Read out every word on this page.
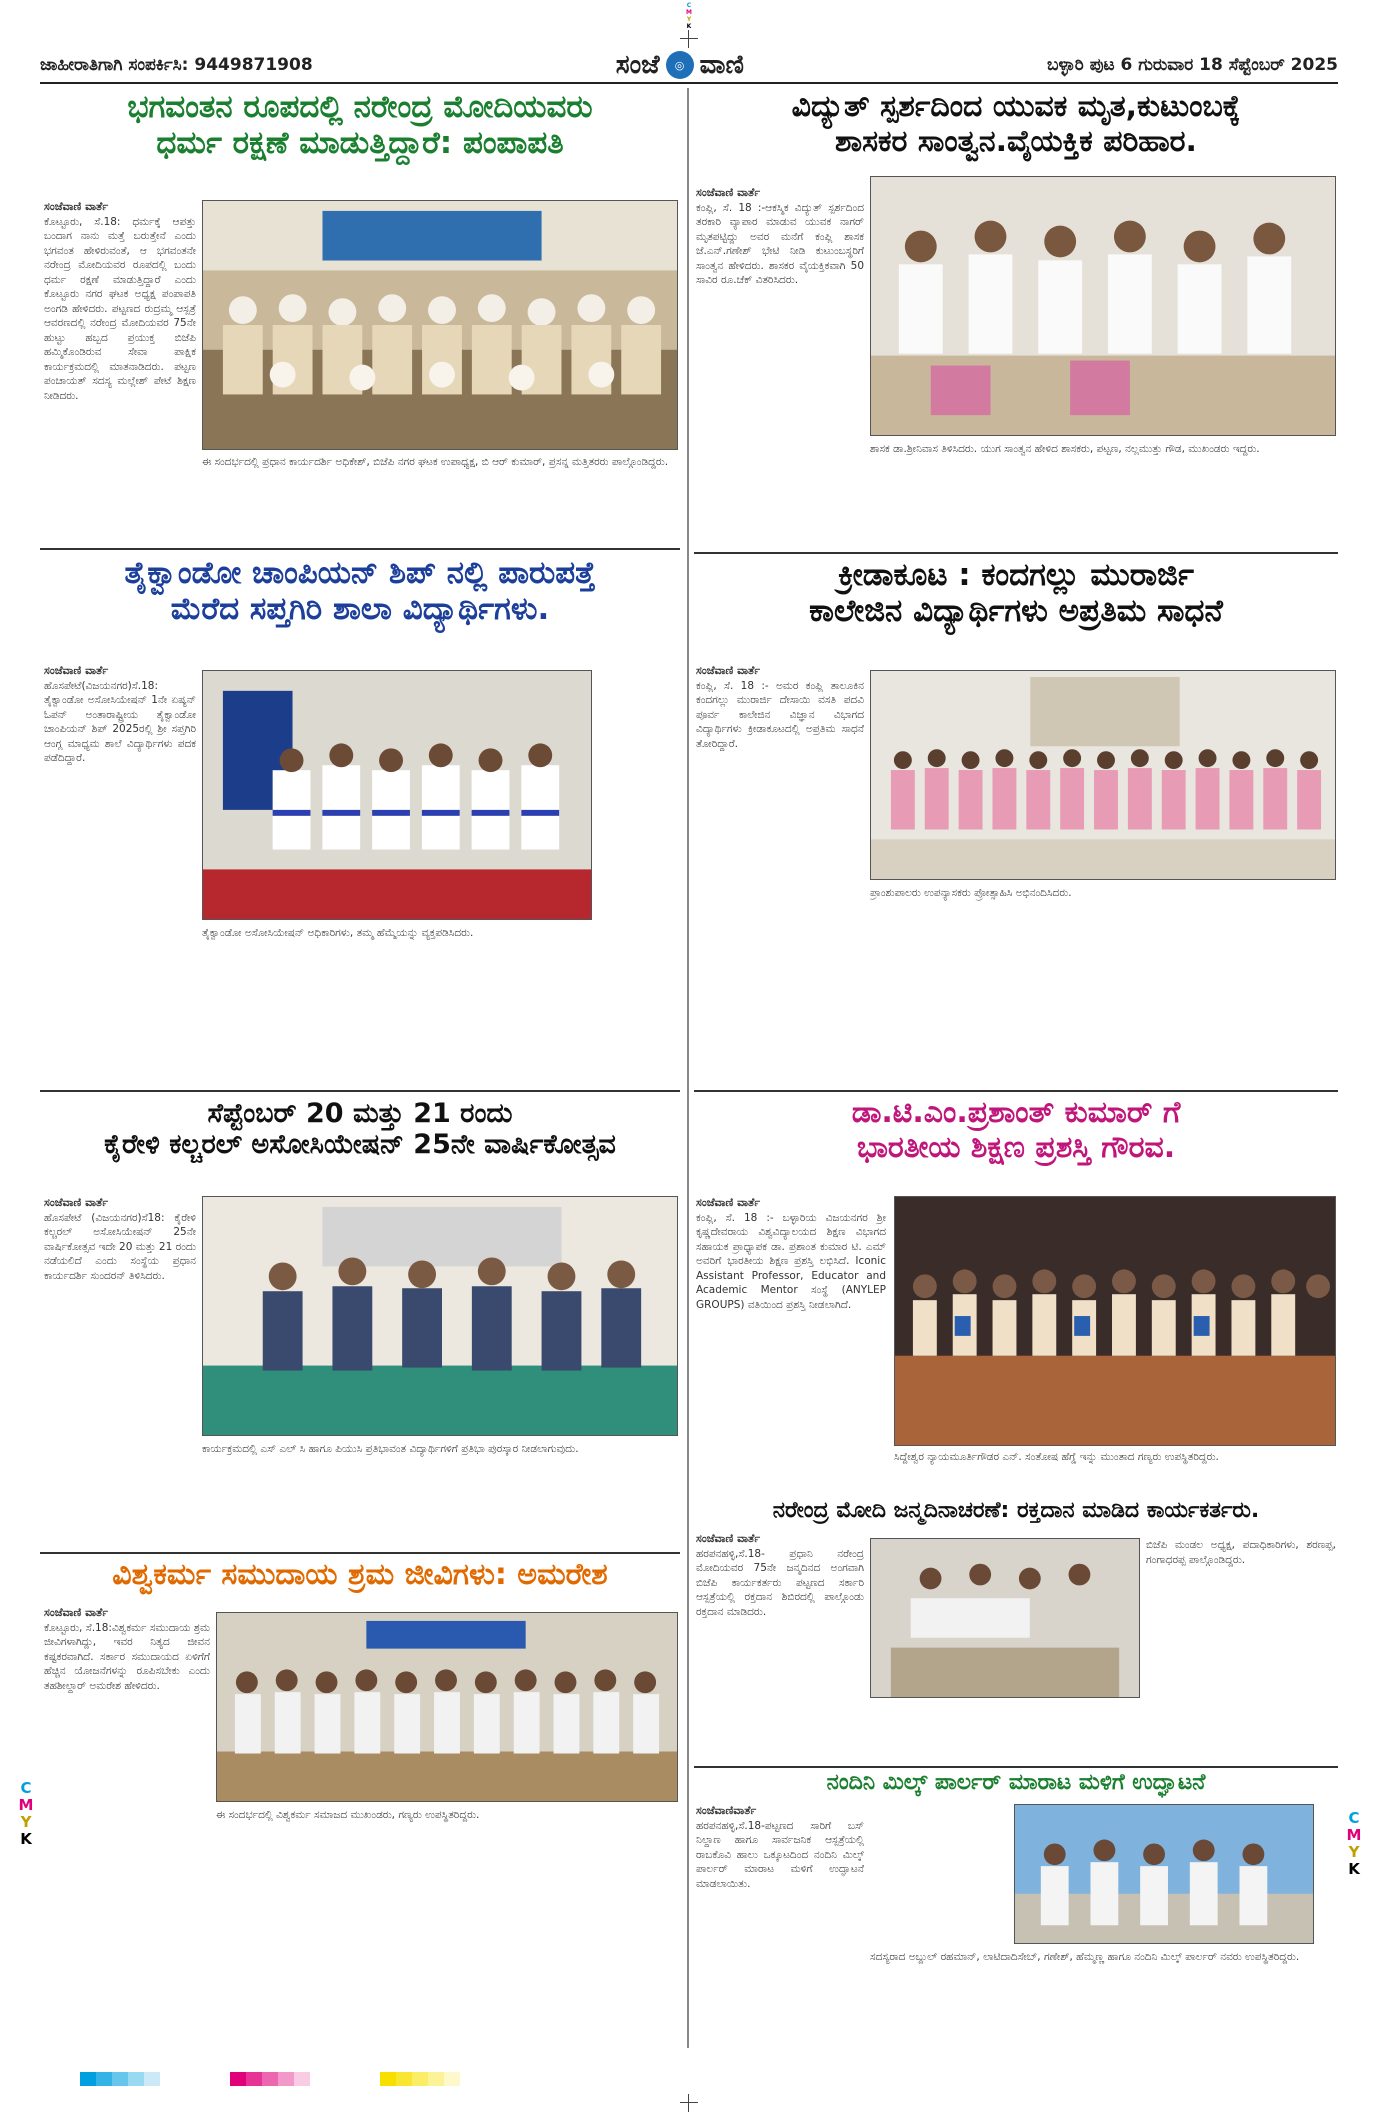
C
M
Y
K
ಜಾಹೀರಾತಿಗಾಗಿ ಸಂಪರ್ಕಿಸಿ: 9449871908	ಸಂಜೆ	◎ ವಾಣಿ	ಬಳ್ಳಾರಿ ಪುಟ 6 ಗುರುವಾರ 18 ಸೆಪ್ಟೆಂಬರ್ 2025
ಭಗವಂತನ ರೂಪದಲ್ಲಿ ನರೇಂದ್ರ ಮೋದಿಯವರು
ಧರ್ಮ ರಕ್ಷಣೆ ಮಾಡುತ್ತಿದ್ದಾರೆ: ಪಂಪಾಪತಿ
ಸಂಜೆವಾಣಿ ವಾರ್ತೆ
ಕೊಟ್ಟೂರು, ಸೆ.18: ಧರ್ಮಕ್ಕೆ ಆಪತ್ತು ಬಂದಾಗ ನಾನು ಮತ್ತೆ ಬರುತ್ತೇನೆ ಎಂದು ಭಗವಂತ ಹೇಳಿರುವಂತೆ, ಆ ಭಗವಂತನೇ ನರೇಂದ್ರ ಮೋದಿಯವರ ರೂಪದಲ್ಲಿ ಬಂದು ಧರ್ಮ ರಕ್ಷಣೆ ಮಾಡುತ್ತಿದ್ದಾರೆ ಎಂದು ಕೊಟ್ಟೂರು ನಗರ ಘಟಕ ಅಧ್ಯಕ್ಷ ಪಂಪಾಪತಿ ಅಂಗಡಿ ಹೇಳಿದರು. ಪಟ್ಟಣದ ರುದ್ರಮ್ಮ ಆಸ್ಪತ್ರೆ ಆವರಣದಲ್ಲಿ ನರೇಂದ್ರ ಮೋದಿಯವರ 75ನೇ ಹುಟ್ಟು ಹಬ್ಬದ ಪ್ರಯುಕ್ತ ಬಿಜೆಪಿ ಹಮ್ಮಿಕೊಂಡಿರುವ ಸೇವಾ ಪಾಕ್ಷಿಕ ಕಾರ್ಯಕ್ರಮದಲ್ಲಿ ಮಾತನಾಡಿದರು. ಪಟ್ಟಣ ಪಂಚಾಯತ್ ಸದಸ್ಯ ಮಲ್ಲೇಶ್ ಪೇಟೆ ಶಿಕ್ಷಣ ನೀಡಿದರು.
ಈ ಸಂದರ್ಭದಲ್ಲಿ ಪ್ರಧಾನ ಕಾರ್ಯದರ್ಶಿ ಅಧಿಕೇಶ್, ಬಿಜೆಪಿ ನಗರ ಘಟಕ ಉಪಾಧ್ಯಕ್ಷ, ಬಿ ಆರ್ ಕುಮಾರ್, ಪ್ರಸನ್ನ ಮತ್ತಿತರರು ಪಾಲ್ಗೊಂಡಿದ್ದರು.
ತೈಕ್ವಾಂಡೋ ಚಾಂಪಿಯನ್ ಶಿಪ್ ನಲ್ಲಿ ಪಾರುಪತ್ತೆ
ಮೆರೆದ ಸಪ್ತಗಿರಿ ಶಾಲಾ ವಿದ್ಯಾರ್ಥಿಗಳು.
ಸಂಜೆವಾಣಿ ವಾರ್ತೆ
ಹೊಸಪೇಟೆ(ವಿಜಯನಗರ)ಸೆ.18: ತೈಕ್ವಾಂಡೋ ಅಸೋಸಿಯೇಷನ್ 1ನೇ ಏಷ್ಯನ್ ಓಪನ್ ಅಂತಾರಾಷ್ಟ್ರೀಯ ತೈಕ್ವಾಂಡೋ ಚಾಂಪಿಯನ್ ಶಿಪ್ 2025ರಲ್ಲಿ ಶ್ರೀ ಸಪ್ತಗಿರಿ ಆಂಗ್ಲ ಮಾಧ್ಯಮ ಶಾಲೆ ವಿದ್ಯಾರ್ಥಿಗಳು ಪದಕ ಪಡೆದಿದ್ದಾರೆ.
ತೈಕ್ವಾಂಡೋ ಅಸೋಸಿಯೇಷನ್ ಅಧಿಕಾರಿಗಳು, ತಮ್ಮ ಹೆಮ್ಮೆಯನ್ನು ವ್ಯಕ್ತಪಡಿಸಿದರು.
ಸೆಪ್ಟೆಂಬರ್ 20 ಮತ್ತು 21 ರಂದು
ಕೈರೇಳಿ ಕಲ್ಚರಲ್ ಅಸೋಸಿಯೇಷನ್ 25ನೇ ವಾರ್ಷಿಕೋತ್ಸವ
ಸಂಜೆವಾಣಿ ವಾರ್ತೆ
ಹೊಸಪೇಟೆ (ವಿಜಯನಗರ)ಸೆ18: ಕೈರೇಳಿ ಕಲ್ಚರಲ್ ಅಸೋಸಿಯೇಷನ್ 25ನೇ ವಾರ್ಷಿಕೋತ್ಸವ ಇದೇ 20 ಮತ್ತು 21 ರಂದು ನಡೆಯಲಿದೆ ಎಂದು ಸಂಸ್ಥೆಯ ಪ್ರಧಾನ ಕಾರ್ಯದರ್ಶಿ ಸುಂದರನ್ ತಿಳಿಸಿದರು.
ಕಾರ್ಯಕ್ರಮದಲ್ಲಿ ಎಸ್ ಎಲ್ ಸಿ ಹಾಗೂ ಪಿಯುಸಿ ಪ್ರತಿಭಾವಂತ ವಿದ್ಯಾರ್ಥಿಗಳಿಗೆ ಪ್ರತಿಭಾ ಪುರಸ್ಕಾರ ನೀಡಲಾಗುವುದು.
ವಿಶ್ವಕರ್ಮ ಸಮುದಾಯ ಶ್ರಮ ಜೀವಿಗಳು: ಅಮರೇಶ
ಸಂಜೆವಾಣಿ ವಾರ್ತೆ
ಕೊಟ್ಟೂರು, ಸೆ.18:ವಿಶ್ವಕರ್ಮ ಸಮುದಾಯ ಶ್ರಮ ಜೀವಿಗಳಾಗಿದ್ದು, ಇವರ ನಿತ್ಯದ ಜೀವನ ಕಷ್ಟಕರವಾಗಿದೆ. ಸರ್ಕಾರ ಸಮುದಾಯದ ಏಳಿಗೆಗೆ ಹೆಚ್ಚಿನ ಯೋಜನೆಗಳನ್ನು ರೂಪಿಸಬೇಕು ಎಂದು ತಹಶೀಲ್ದಾರ್ ಅಮರೇಶ ಹೇಳಿದರು.
ಈ ಸಂದರ್ಭದಲ್ಲಿ ವಿಶ್ವಕರ್ಮ ಸಮಾಜದ ಮುಖಂಡರು, ಗಣ್ಯರು ಉಪಸ್ಥಿತರಿದ್ದರು.
ವಿದ್ಯುತ್ ಸ್ಪರ್ಶದಿಂದ ಯುವಕ ಮೃತ,ಕುಟುಂಬಕ್ಕೆ
ಶಾಸಕರ ಸಾಂತ್ವನ.ವೈಯಕ್ತಿಕ ಪರಿಹಾರ.
ಸಂಜೆವಾಣಿ ವಾರ್ತೆ
ಕಂಪ್ಲಿ, ಸೆ. 18 :-ಆಕಸ್ಮಿಕ ವಿದ್ಯುತ್ ಸ್ಪರ್ಶದಿಂದ ತರಕಾರಿ ವ್ಯಾಪಾರ ಮಾಡುವ ಯುವಕ ನಾಗರ್ ಮೃತಪಟ್ಟಿದ್ದು ಅವರ ಮನೆಗೆ ಕಂಪ್ಲಿ ಶಾಸಕ ಜೆ.ಎನ್.ಗಣೇಶ್ ಭೇಟಿ ನೀಡಿ ಕುಟುಂಬಸ್ಥರಿಗೆ ಸಾಂತ್ವನ ಹೇಳಿದರು. ಶಾಸಕರ ವೈಯಕ್ತಿಕವಾಗಿ 50 ಸಾವಿರ ರೂ.ಚೆಕ್ ವಿತರಿಸಿದರು.
ಶಾಸಕ ಡಾ.ಶ್ರೀನಿವಾಸ ತಿಳಿಸಿದರು. ಯುಗ ಸಾಂತ್ವನ ಹೇಳಿದ ಶಾಸಕರು, ಪಟ್ಟಣ, ನಲ್ಲಮುತ್ತು ಗೌಡ, ಮುಖಂಡರು ಇದ್ದರು.
ಕ್ರೀಡಾಕೂಟ : ಕಂದಗಲ್ಲು ಮುರಾರ್ಜಿ
ಕಾಲೇಜಿನ ವಿದ್ಯಾರ್ಥಿಗಳು ಅಪ್ರತಿಮ ಸಾಧನೆ
ಸಂಜೆವಾಣಿ ವಾರ್ತೆ
ಕಂಪ್ಲಿ, ಸೆ. 18 :- ಅಮರ ಕಂಪ್ಲಿ ತಾಲೂಕಿನ ಕಂದಗಲ್ಲು ಮುರಾರ್ಜಿ ದೇಸಾಯಿ ವಸತಿ ಪದವಿ ಪೂರ್ವ ಕಾಲೇಜಿನ ವಿಜ್ಞಾನ ವಿಭಾಗದ ವಿದ್ಯಾರ್ಥಿಗಳು ಕ್ರೀಡಾಕೂಟದಲ್ಲಿ ಅಪ್ರತಿಮ ಸಾಧನೆ ತೋರಿದ್ದಾರೆ.
ಪ್ರಾಂಶುಪಾಲರು ಉಪನ್ಯಾಸಕರು ಪ್ರೋತ್ಸಾಹಿಸಿ ಅಭಿನಂದಿಸಿದರು.
ಡಾ.ಟಿ.ಎಂ.ಪ್ರಶಾಂತ್ ಕುಮಾರ್ ಗೆ
ಭಾರತೀಯ ಶಿಕ್ಷಣ ಪ್ರಶಸ್ತಿ ಗೌರವ.
ಸಂಜೆವಾಣಿ ವಾರ್ತೆ
ಕಂಪ್ಲಿ, ಸೆ. 18 :- ಬಳ್ಳಾರಿಯ ವಿಜಯನಗರ ಶ್ರೀ ಕೃಷ್ಣದೇವರಾಯ ವಿಶ್ವವಿದ್ಯಾಲಯದ ಶಿಕ್ಷಣ ವಿಭಾಗದ ಸಹಾಯಕ ಪ್ರಾಧ್ಯಾಪಕ ಡಾ. ಪ್ರಶಾಂತ ಕುಮಾರ ಟಿ. ಎಮ್ ಅವರಿಗೆ ಭಾರತೀಯ ಶಿಕ್ಷಣ ಪ್ರಶಸ್ತಿ ಲಭಿಸಿದೆ. Iconic Assistant Professor, Educator and Academic Mentor ಸಂಸ್ಥೆ (ANYLEP GROUPS) ವತಿಯಿಂದ ಪ್ರಶಸ್ತಿ ನೀಡಲಾಗಿದೆ.
ಸಿದ್ದೇಶ್ವರ ನ್ಯಾಯಮೂರ್ತಿಗೌಡರ ಎನ್. ಸಂತೋಷ ಹೆಗ್ಡೆ ಇನ್ನು ಮುಂತಾದ ಗಣ್ಯರು ಉಪಸ್ಥಿತರಿದ್ದರು.
ನರೇಂದ್ರ ಮೋದಿ ಜನ್ಮದಿನಾಚರಣೆ: ರಕ್ತದಾನ ಮಾಡಿದ ಕಾರ್ಯಕರ್ತರು.
ಸಂಜೆವಾಣಿ ವಾರ್ತೆ
ಹರಪನಹಳ್ಳಿ,ಸೆ.18- ಪ್ರಧಾನಿ ನರೇಂದ್ರ ಮೋದಿಯವರ 75ನೇ ಜನ್ಮದಿನದ ಅಂಗವಾಗಿ ಬಿಜೆಪಿ ಕಾರ್ಯಕರ್ತರು ಪಟ್ಟಣದ ಸರ್ಕಾರಿ ಆಸ್ಪತ್ರೆಯಲ್ಲಿ ರಕ್ತದಾನ ಶಿಬಿರದಲ್ಲಿ ಪಾಲ್ಗೊಂಡು ರಕ್ತದಾನ ಮಾಡಿದರು.
ಬಿಜೆಪಿ ಮಂಡಲ ಅಧ್ಯಕ್ಷ, ಪದಾಧಿಕಾರಿಗಳು, ಶರಣಪ್ಪ, ಗಂಗಾಧರಪ್ಪ ಪಾಲ್ಗೊಂಡಿದ್ದರು.
ನಂದಿನಿ ಮಿಲ್ಕ್ ಪಾರ್ಲರ್ ಮಾರಾಟ ಮಳಿಗೆ ಉದ್ಘಾಟನೆ
ಸಂಜೆವಾಣಿವಾರ್ತೆ
ಹರಪನಹಳ್ಳಿ,ಸೆ.18-ಪಟ್ಟಣದ ಸಾರಿಗೆ ಬಸ್ ನಿಲ್ದಾಣ ಹಾಗೂ ಸಾರ್ವಜನಿಕ ಆಸ್ಪತ್ರೆಯಲ್ಲಿ ರಾಬಕೊವಿ ಹಾಲು ಒಕ್ಕೂಟದಿಂದ ನಂದಿನಿ ಮಿಲ್ಕ್ ಪಾರ್ಲರ್ ಮಾರಾಟ ಮಳಿಗೆ ಉದ್ಘಾಟನೆ ಮಾಡಲಾಯಿತು.
ಸದಸ್ಯರಾದ ಅಬ್ದುಲ್ ರಹಮಾನ್, ಲಾಟಿದಾದಿಸೇಬ್, ಗಣೇಶ್, ಹೆಮ್ಮಣ್ಣ ಹಾಗೂ ನಂದಿನಿ ಮಿಲ್ಕ್ ಪಾರ್ಲರ್ ನವರು ಉಪಸ್ಥಿತರಿದ್ದರು.
C
M
Y
K
C
M
Y
K
